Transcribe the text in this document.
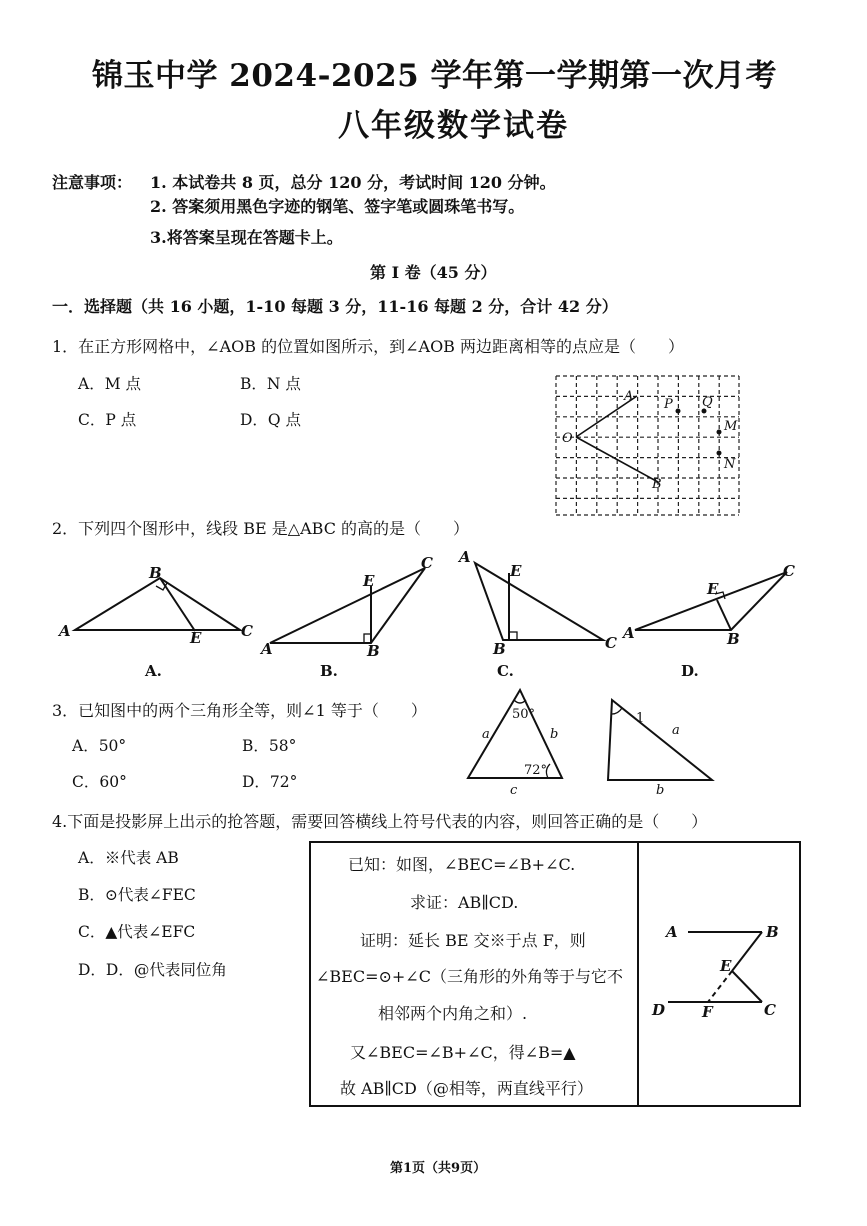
锦玉中学 2024-2025 学年第一学期第一次月考
八年级数学试卷
注意事项： 1. 本试卷共 8 页，总分 120 分，考试时间 120 分钟。
2. 答案须用黑色字迹的钢笔、签字笔或圆珠笔书写。
3.将答案呈现在答题卡上。
第 I 卷（45 分）
一．选择题（共 16 小题，1-10 每题 3 分，11-16 每题 2 分，合计 42 分）
1．在正方形网格中，∠AOB 的位置如图所示，到∠AOB 两边距离相等的点应是（　　）
A．M 点	B．N 点
C．P 点	D．Q 点
O
A
B
P Q
M
N
2．下列四个图形中，线段 BE 是△ABC 的高的是（　　）
A
B
E	C
A
E
B
C A
E
B	C
A
E
B
C
A.	B.	C.	D.
3．已知图中的两个三角形全等，则∠1 等于（　　）
A．50°	B．58°
C．60°	D．72°
50°
72°
a	b
c
1
a
b
4.下面是投影屏上出示的抢答题，需要回答横线上符号代表的内容，则回答正确的是（　　）
A．※代表 AB
B．⊙代表∠FEC
C．▲代表∠EFC
D．D．@代表同位角
已知：如图，∠BEC=∠B+∠C.
求证：AB∥CD.
证明：延长 BE 交※于点 F，则
∠BEC=⊙+∠C（三角形的外角等于与它不
相邻两个内角之和）.
又∠BEC=∠B+∠C，得∠B=▲
故 AB∥CD（@相等，两直线平行）
A	B
E
D F	C
第1页（共9页）
